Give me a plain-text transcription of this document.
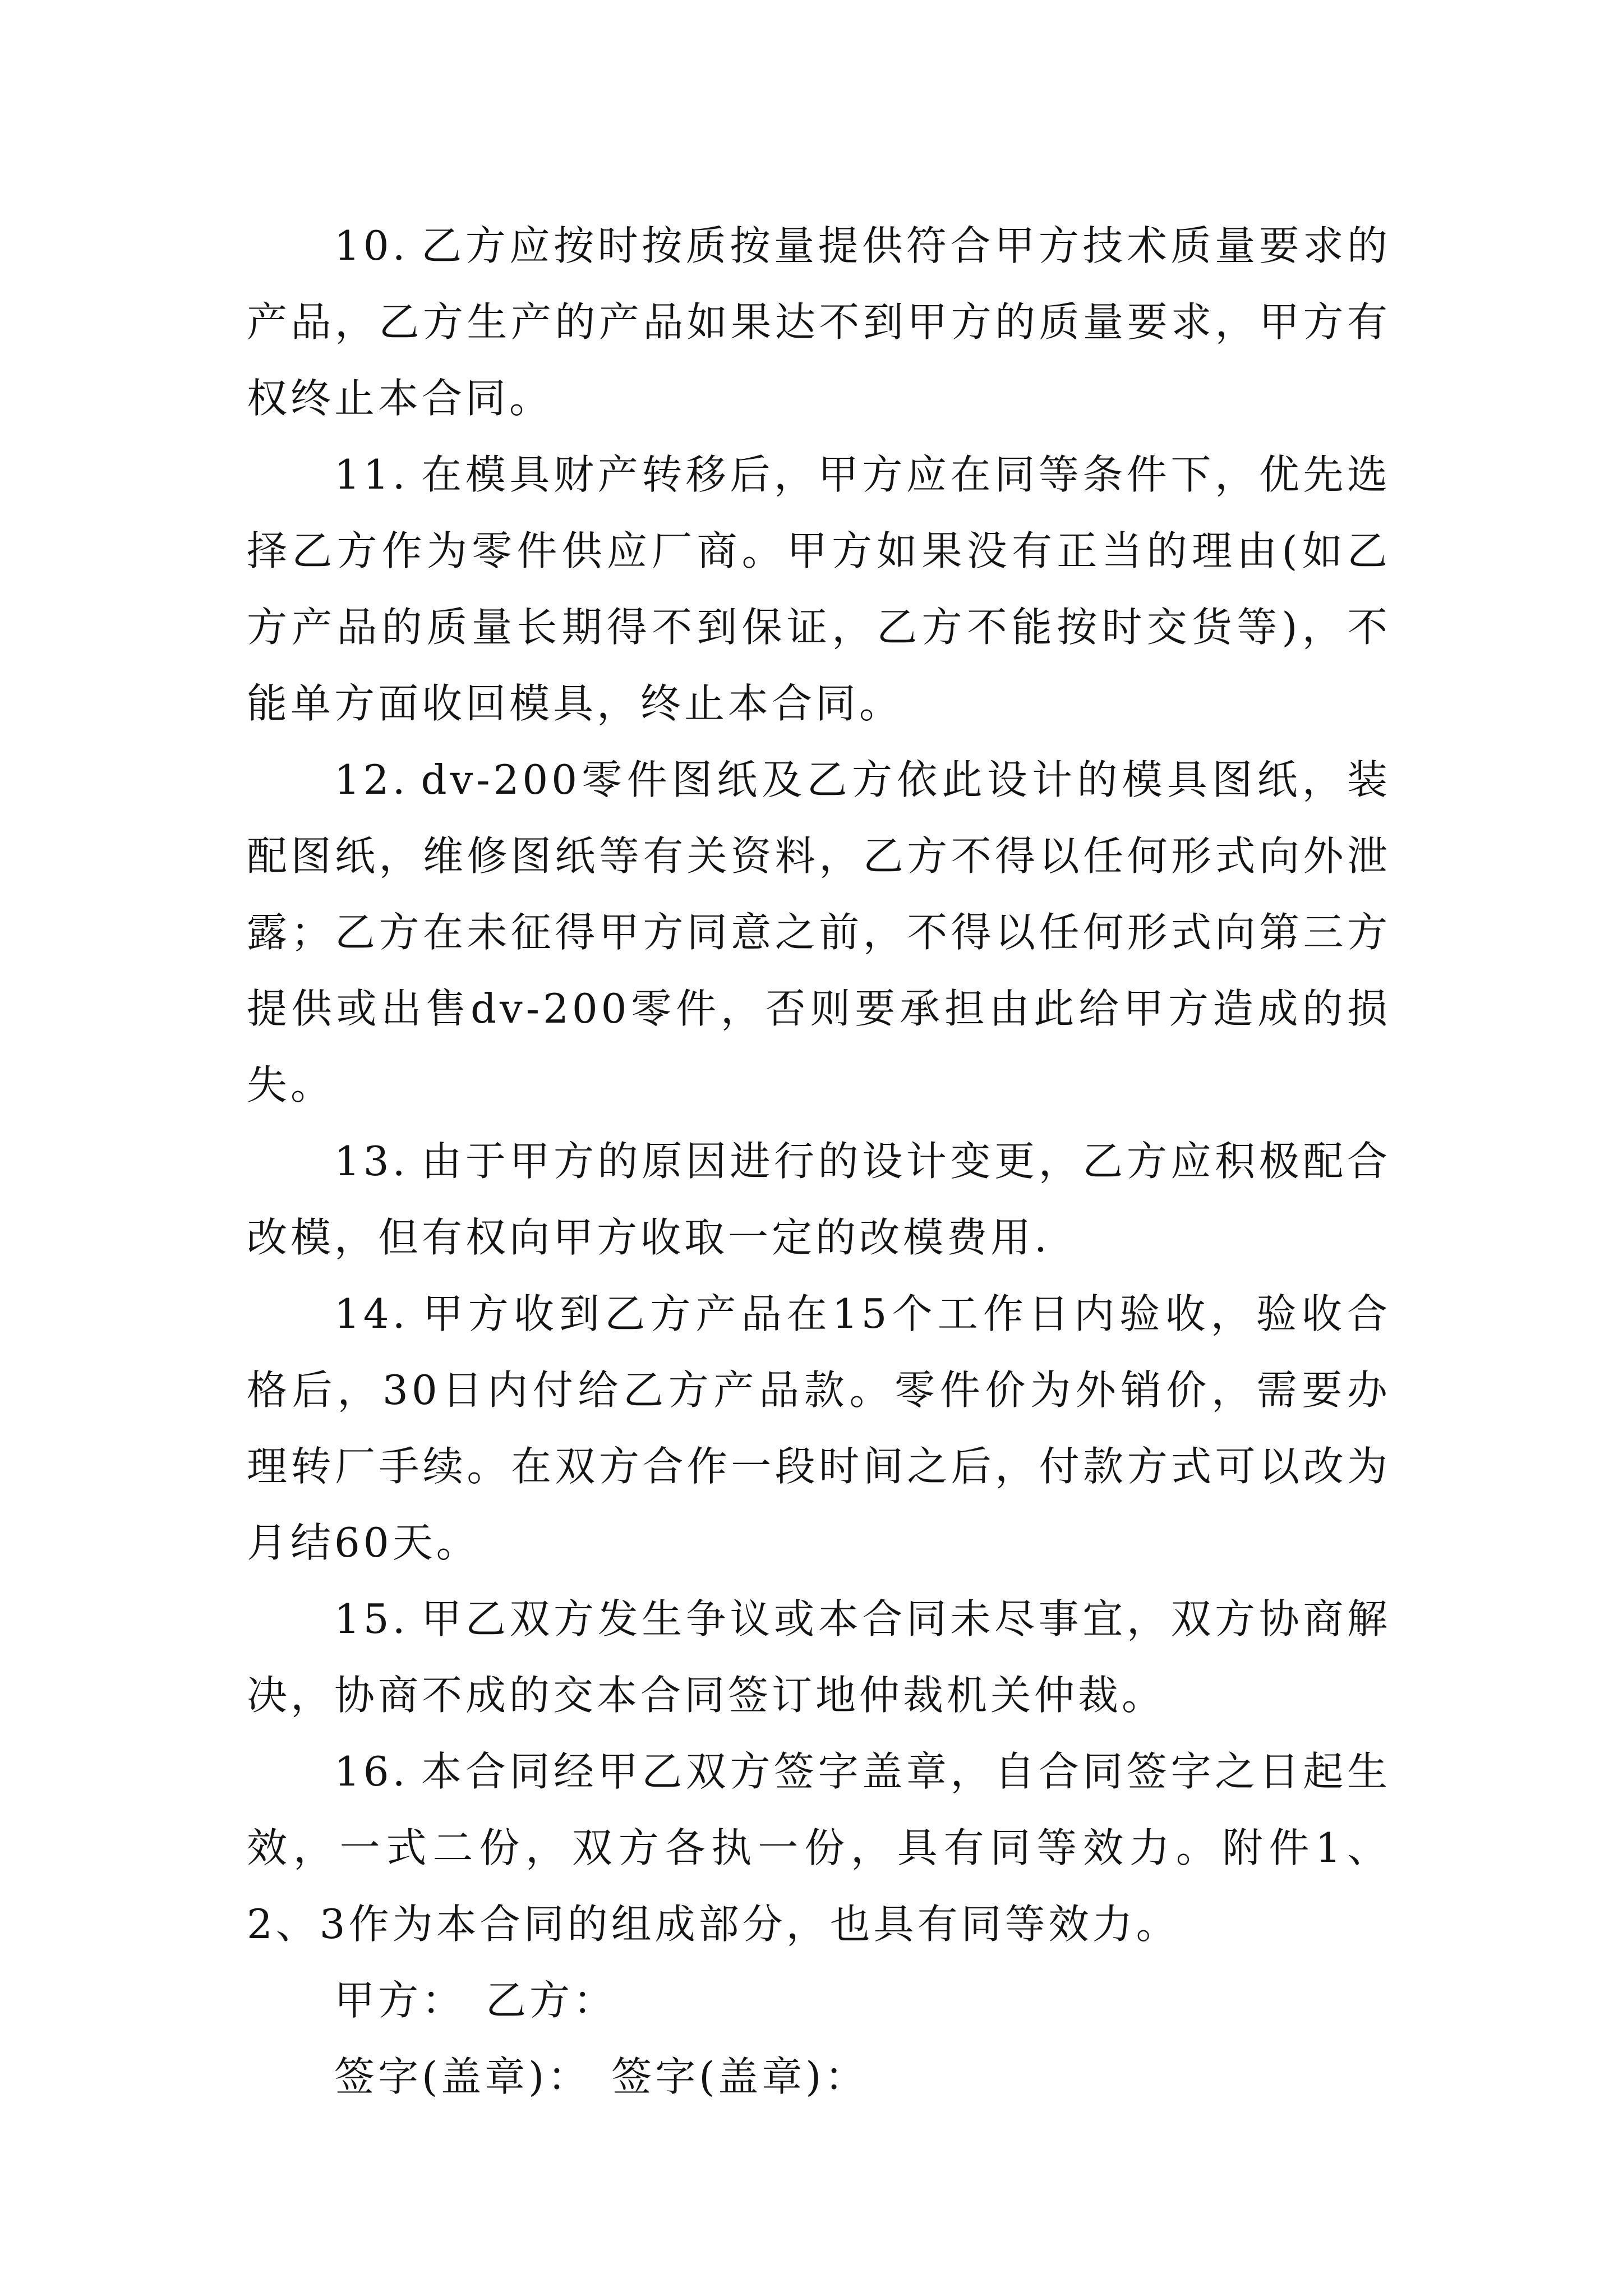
10. 乙方应按时按质按量提供符合甲方技术质量要求的产品，乙方生产的产品如果达不到甲方的质量要求，甲方有权终止本合同。

11. 在模具财产转移后，甲方应在同等条件下，优先选择乙方作为零件供应厂商。甲方如果没有正当的理由(如乙方产品的质量长期得不到保证，乙方不能按时交货等)，不能单方面收回模具，终止本合同。

12. dv-200零件图纸及乙方依此设计的模具图纸，装配图纸，维修图纸等有关资料，乙方不得以任何形式向外泄露；乙方在未征得甲方同意之前，不得以任何形式向第三方提供或出售dv-200零件，否则要承担由此给甲方造成的损失。

13. 由于甲方的原因进行的设计变更，乙方应积极配合改模，但有权向甲方收取一定的改模费用.

14. 甲方收到乙方产品在15个工作日内验收，验收合格后，30日内付给乙方产品款。零件价为外销价，需要办理转厂手续。在双方合作一段时间之后，付款方式可以改为月结60天。

15. 甲乙双方发生争议或本合同未尽事宜，双方协商解决，协商不成的交本合同签订地仲裁机关仲裁。

16. 本合同经甲乙双方签字盖章，自合同签字之日起生效，一式二份，双方各执一份，具有同等效力。附件1、2、3作为本合同的组成部分，也具有同等效力。

甲方： 乙方：

签字(盖章)： 签字(盖章)：
